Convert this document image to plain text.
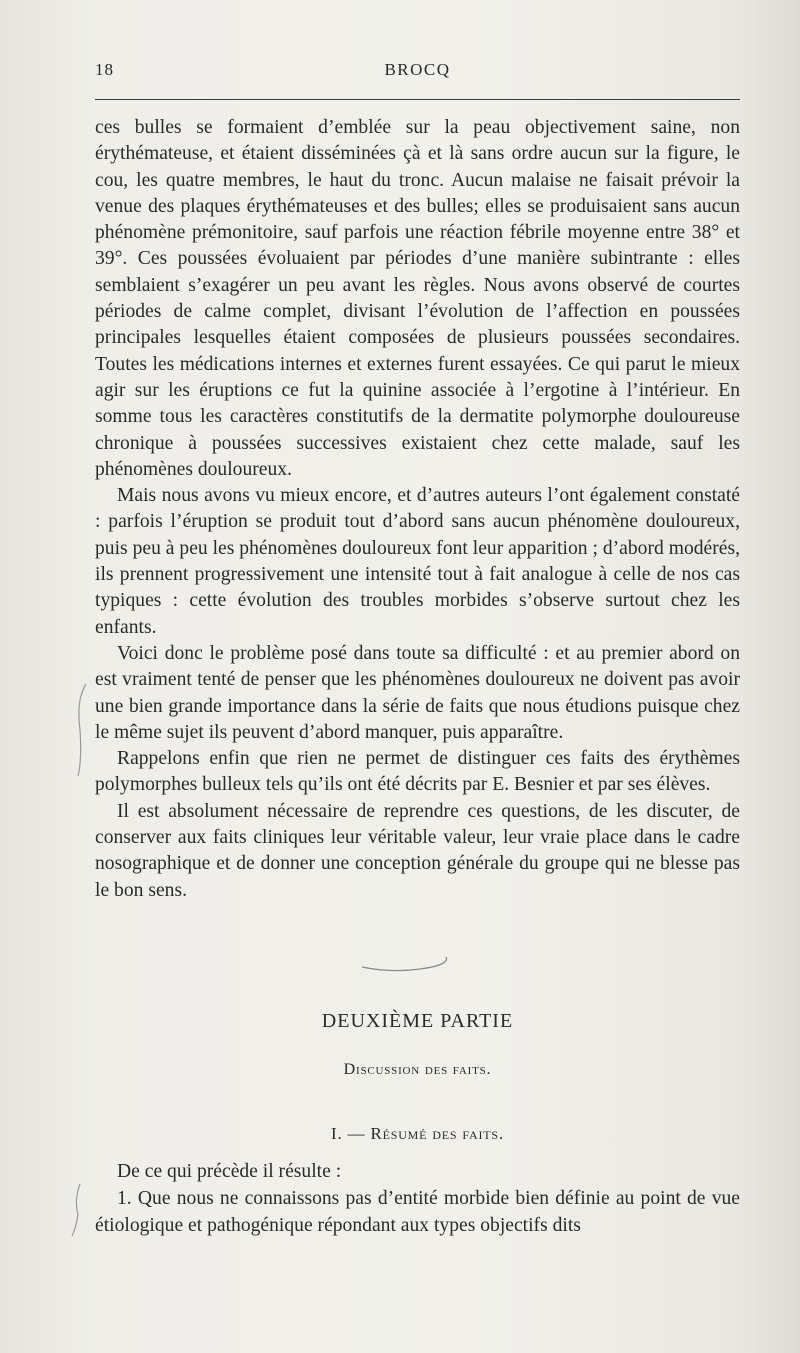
18	BROCQ

ces bulles se formaient d’emblée sur la peau objectivement saine, non érythémateuse, et étaient disséminées çà et là sans ordre aucun sur la figure, le cou, les quatre membres, le haut du tronc. Aucun malaise ne faisait prévoir la venue des plaques érythémateuses et des bulles; elles se produisaient sans aucun phénomène prémonitoire, sauf parfois une réaction fébrile moyenne entre 38° et 39°. Ces poussées évoluaient par périodes d’une manière subintrante : elles semblaient s’exagérer un peu avant les règles. Nous avons observé de courtes périodes de calme complet, divisant l’évolution de l’affection en poussées principales lesquelles étaient composées de plusieurs poussées secondaires. Toutes les médications internes et externes furent essayées. Ce qui parut le mieux agir sur les éruptions ce fut la quinine associée à l’ergotine à l’intérieur. En somme tous les caractères constitutifs de la dermatite polymorphe douloureuse chronique à poussées successives existaient chez cette malade, sauf les phénomènes douloureux.

Mais nous avons vu mieux encore, et d’autres auteurs l’ont également constaté : parfois l’éruption se produit tout d’abord sans aucun phénomène douloureux, puis peu à peu les phénomènes douloureux font leur apparition ; d’abord modérés, ils prennent progressivement une intensité tout à fait analogue à celle de nos cas typiques : cette évolution des troubles morbides s’observe surtout chez les enfants.

Voici donc le problème posé dans toute sa difficulté : et au premier abord on est vraiment tenté de penser que les phénomènes douloureux ne doivent pas avoir une bien grande importance dans la série de faits que nous étudions puisque chez le même sujet ils peuvent d’abord manquer, puis apparaître.

Rappelons enfin que rien ne permet de distinguer ces faits des érythèmes polymorphes bulleux tels qu’ils ont été décrits par E. Besnier et par ses élèves.

Il est absolument nécessaire de reprendre ces questions, de les discuter, de conserver aux faits cliniques leur véritable valeur, leur vraie place dans le cadre nosographique et de donner une conception générale du groupe qui ne blesse pas le bon sens.

DEUXIÈME PARTIE
Discussion des faits.
I. — Résumé des faits.

De ce qui précède il résulte :

1. Que nous ne connaissons pas d’entité morbide bien définie au point de vue étiologique et pathogénique répondant aux types objectifs dits
